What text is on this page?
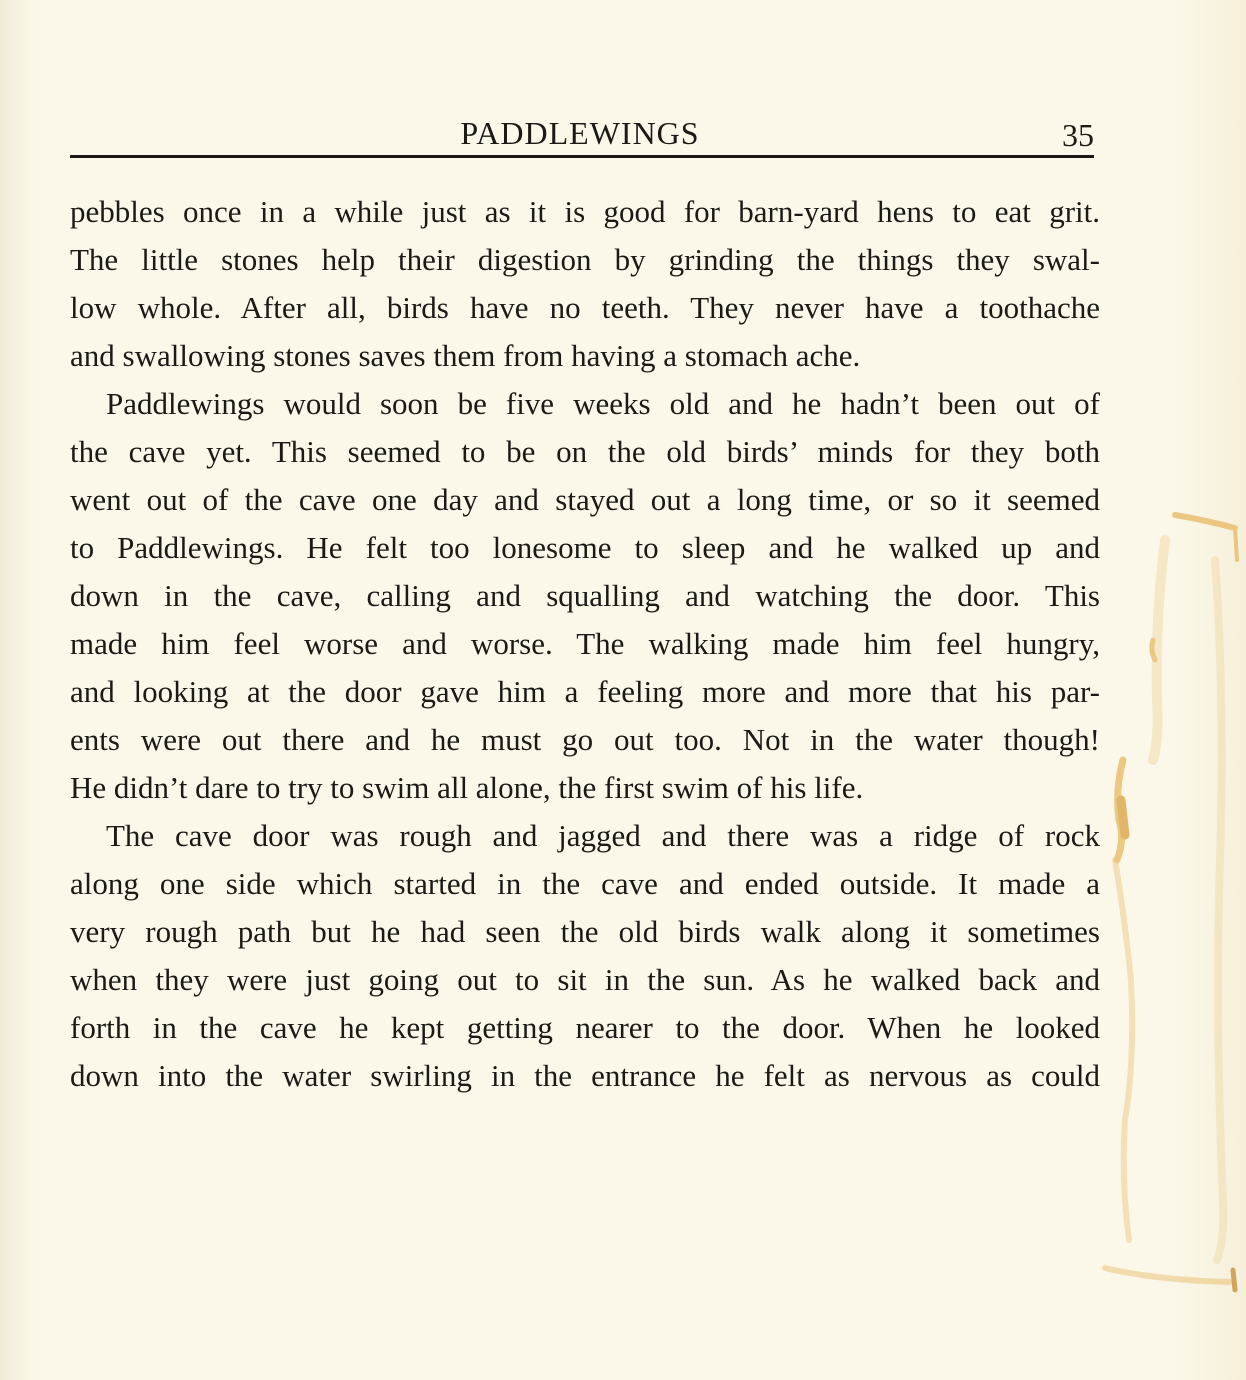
PADDLEWINGS	35
pebbles once in a while just as it is good for barn-yard hens to eat grit.
The little stones help their digestion by grinding the things they swal-
low whole. After all, birds have no teeth. They never have a toothache
and swallowing stones saves them from having a stomach ache.
Paddlewings would soon be five weeks old and he hadn’t been out of
the cave yet. This seemed to be on the old birds’ minds for they both
went out of the cave one day and stayed out a long time, or so it seemed
to Paddlewings. He felt too lonesome to sleep and he walked up and
down in the cave, calling and squalling and watching the door. This
made him feel worse and worse. The walking made him feel hungry,
and looking at the door gave him a feeling more and more that his par-
ents were out there and he must go out too. Not in the water though!
He didn’t dare to try to swim all alone, the first swim of his life.
The cave door was rough and jagged and there was a ridge of rock
along one side which started in the cave and ended outside. It made a
very rough path but he had seen the old birds walk along it sometimes
when they were just going out to sit in the sun. As he walked back and
forth in the cave he kept getting nearer to the door. When he looked
down into the water swirling in the entrance he felt as nervous as could
